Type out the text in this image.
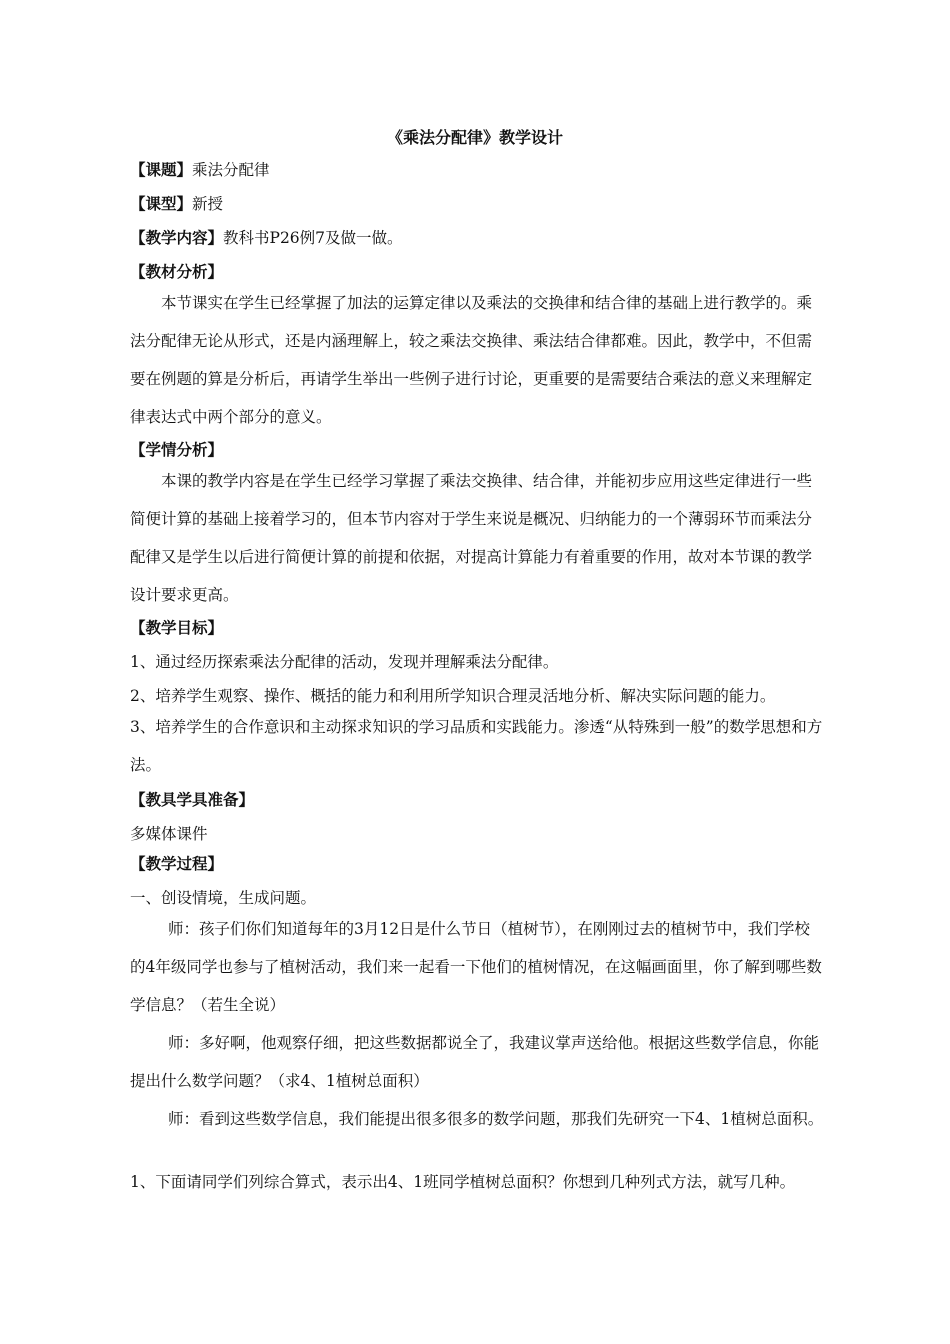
《乘法分配律》教学设计
【课题】乘法分配律
【课型】新授
【教学内容】教科书P26例7及做一做。
【教材分析】
本节课实在学生已经掌握了加法的运算定律以及乘法的交换律和结合律的基础上进行教学的。乘法分配律无论从形式，还是内涵理解上，较之乘法交换律、乘法结合律都难。因此，教学中，不但需要在例题的算是分析后，再请学生举出一些例子进行讨论，更重要的是需要结合乘法的意义来理解定律表达式中两个部分的意义。
【学情分析】
本课的教学内容是在学生已经学习掌握了乘法交换律、结合律，并能初步应用这些定律进行一些简便计算的基础上接着学习的，但本节内容对于学生来说是概况、归纳能力的一个薄弱环节而乘法分配律又是学生以后进行简便计算的前提和依据，对提高计算能力有着重要的作用，故对本节课的教学设计要求更高。
【教学目标】
1、通过经历探索乘法分配律的活动，发现并理解乘法分配律。
2、培养学生观察、操作、概括的能力和利用所学知识合理灵活地分析、解决实际问题的能力。
3、培养学生的合作意识和主动探求知识的学习品质和实践能力。渗透“从特殊到一般”的数学思想和方法。
【教具学具准备】
多媒体课件
【教学过程】
一、创设情境，生成问题。
师：孩子们你们知道每年的3月12日是什么节日（植树节），在刚刚过去的植树节中，我们学校的4年级同学也参与了植树活动，我们来一起看一下他们的植树情况，在这幅画面里，你了解到哪些数学信息？（若生全说）
师：多好啊，他观察仔细，把这些数据都说全了，我建议掌声送给他。根据这些数学信息，你能提出什么数学问题？（求4、1植树总面积）
师：看到这些数学信息，我们能提出很多很多的数学问题，那我们先研究一下4、1植树总面积。
1、下面请同学们列综合算式，表示出4、1班同学植树总面积？你想到几种列式方法，就写几种。
